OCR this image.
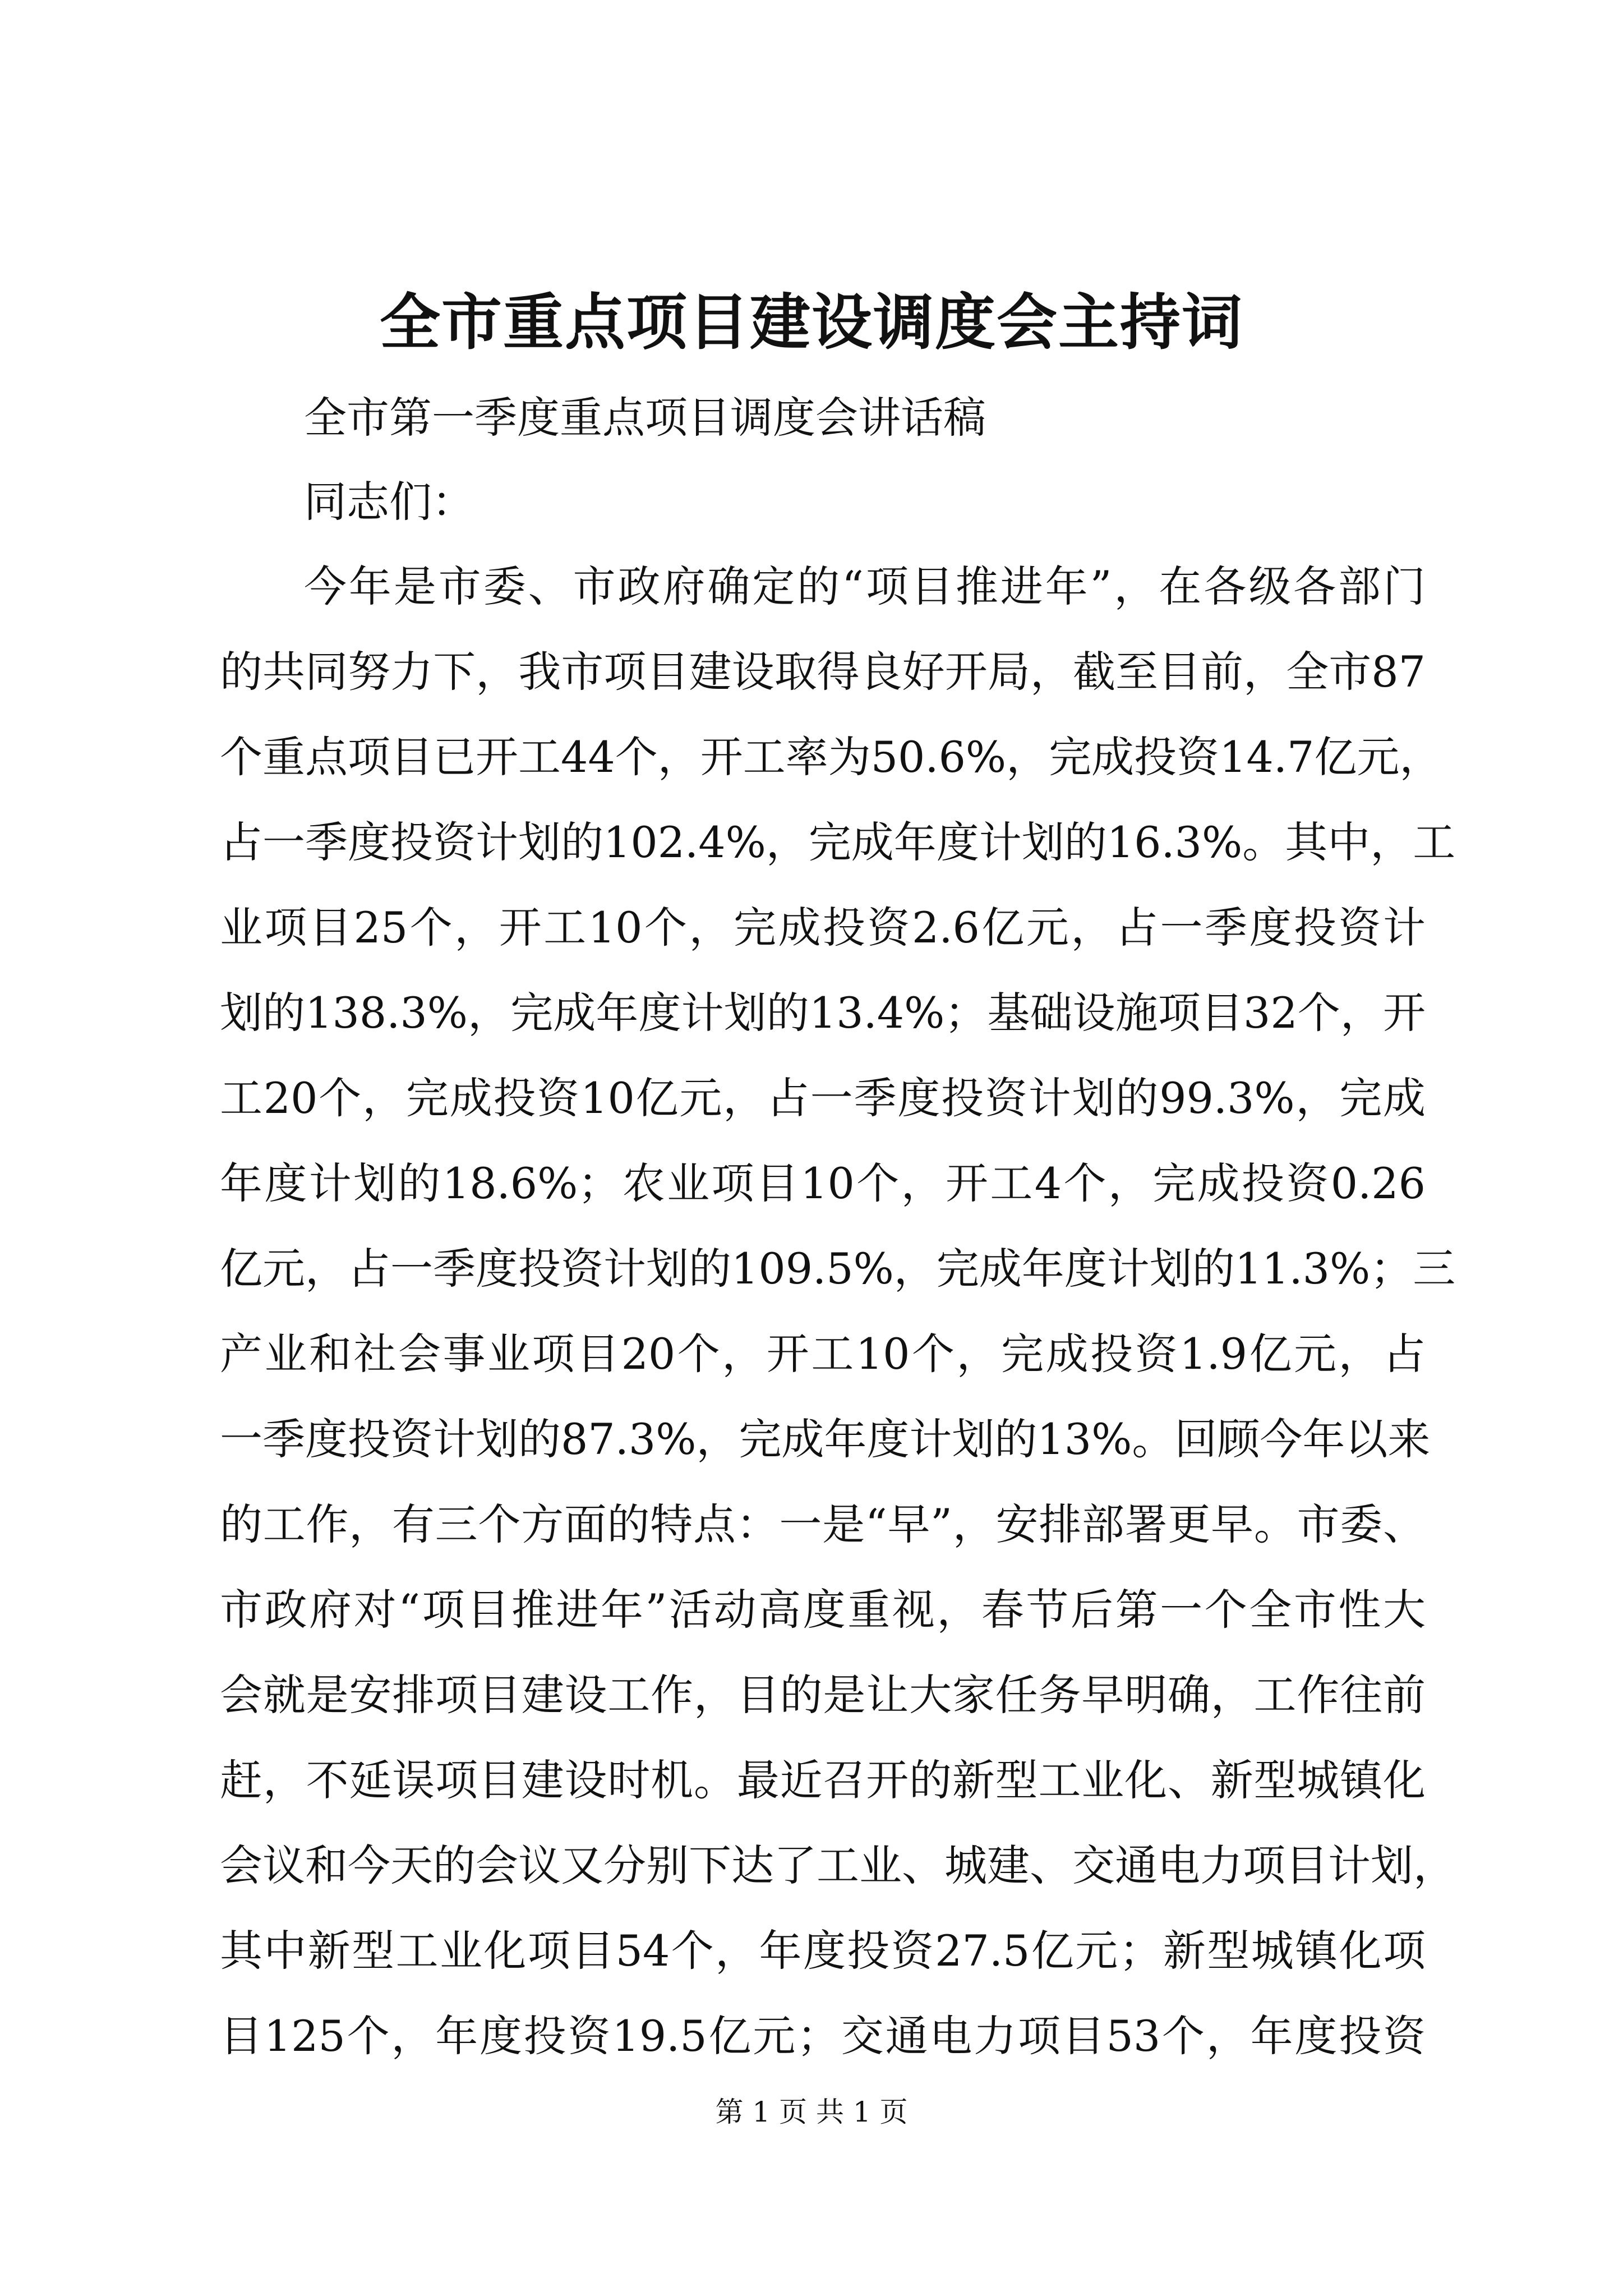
全市重点项目建设调度会主持词

全市第一季度重点项目调度会讲话稿

同志们：

今年是市委、市政府确定的“项目推进年”，在各级各部门
的共同努力下，我市项目建设取得良好开局，截至目前，全市87
个重点项目已开工44个，开工率为50.6%，完成投资14.7亿元，
占一季度投资计划的102.4%，完成年度计划的16.3%。其中，工
业项目25个，开工10个，完成投资2.6亿元，占一季度投资计
划的138.3%，完成年度计划的13.4%；基础设施项目32个，开
工20个，完成投资10亿元，占一季度投资计划的99.3%，完成
年度计划的18.6%；农业项目10个，开工4个，完成投资0.26
亿元，占一季度投资计划的109.5%，完成年度计划的11.3%；三
产业和社会事业项目20个，开工10个，完成投资1.9亿元，占
一季度投资计划的87.3%，完成年度计划的13%。回顾今年以来
的工作，有三个方面的特点：一是“早”，安排部署更早。市委、
市政府对“项目推进年”活动高度重视，春节后第一个全市性大
会就是安排项目建设工作，目的是让大家任务早明确，工作往前
赶，不延误项目建设时机。最近召开的新型工业化、新型城镇化
会议和今天的会议又分别下达了工业、城建、交通电力项目计划，
其中新型工业化项目54个，年度投资27.5亿元；新型城镇化项
目125个，年度投资19.5亿元；交通电力项目53个，年度投资

第 1 页 共 1 页
